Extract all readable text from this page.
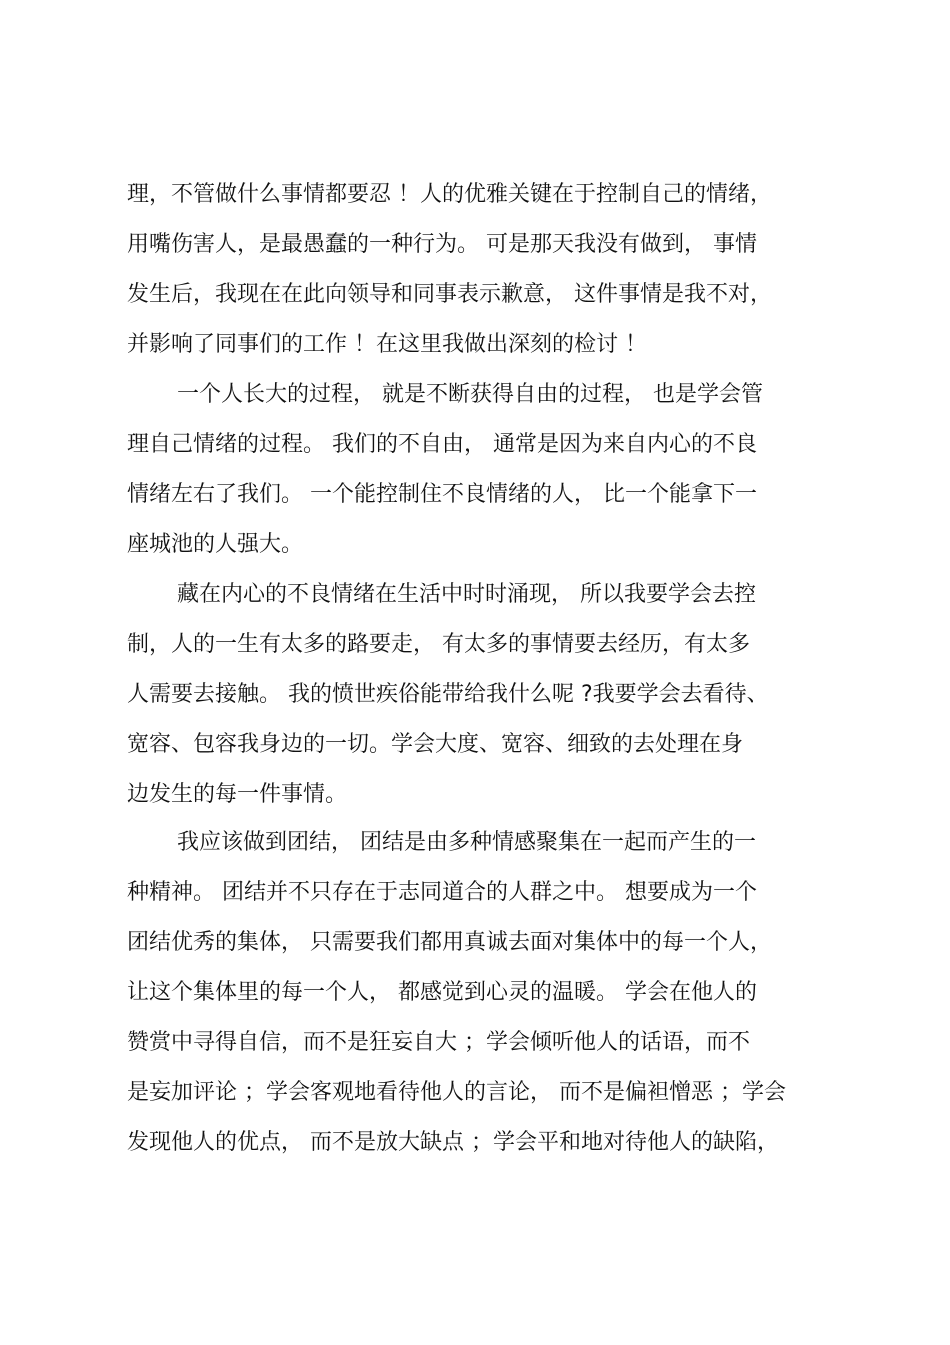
理，不管做什么事情都要忍 ！人的优雅关键在于控制自己的情绪，
用嘴伤害人，是最愚蠢的一种行为。 可是那天我没有做到， 事情
发生后，我现在在此向领导和同事表示歉意， 这件事情是我不对，
并影响了同事们的工作 ！在这里我做出深刻的检讨 ！
一个人长大的过程， 就是不断获得自由的过程， 也是学会管
理自己情绪的过程。 我们的不自由， 通常是因为来自内心的不良
情绪左右了我们。 一个能控制住不良情绪的人， 比一个能拿下一
座城池的人强大。
藏在内心的不良情绪在生活中时时涌现， 所以我要学会去控
制，人的一生有太多的路要走， 有太多的事情要去经历，有太多
人需要去接触。 我的愤世疾俗能带给我什么呢 ?我要学会去看待、
宽容、包容我身边的一切。学会大度、宽容、细致的去处理在身
边发生的每一件事情。
我应该做到团结， 团结是由多种情感聚集在一起而产生的一
种精神。 团结并不只存在于志同道合的人群之中。 想要成为一个
团结优秀的集体， 只需要我们都用真诚去面对集体中的每一个人，
让这个集体里的每一个人， 都感觉到心灵的温暖。 学会在他人的
赞赏中寻得自信，而不是狂妄自大 ；学会倾听他人的话语，而不
是妄加评论 ；学会客观地看待他人的言论， 而不是偏袒憎恶 ；学会
发现他人的优点， 而不是放大缺点 ；学会平和地对待他人的缺陷，
